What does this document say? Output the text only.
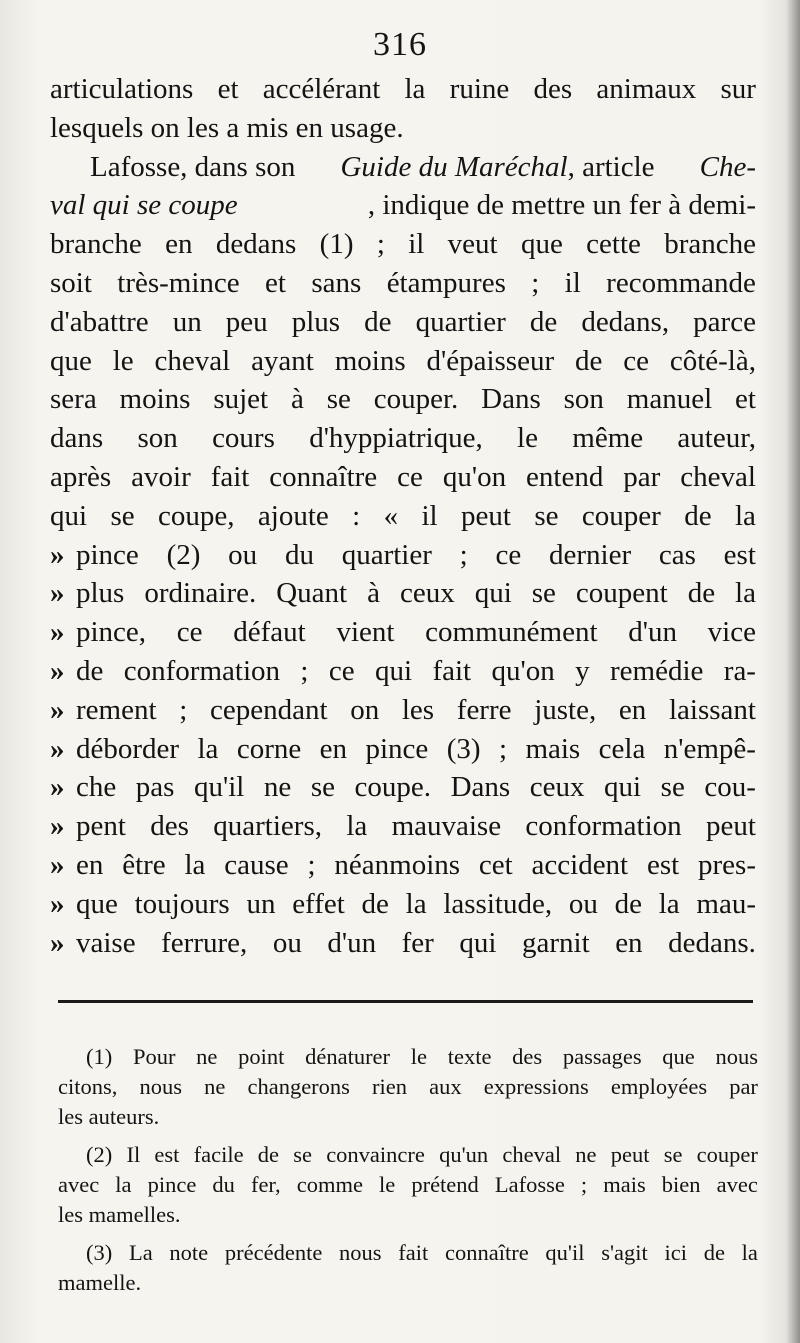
316
articulations et accélérant la ruine des animaux sur
lesquels on les a mis en usage.
Lafosse, dans son Guide du Maréchal, article Che-
val qui se coupe	, indique de mettre un fer à demi-
branche en dedans (1) ; il veut que cette branche
soit très-mince et sans étampures ; il recommande
d'abattre un peu plus de quartier de dedans, parce
que le cheval ayant moins d'épaisseur de ce côté-là,
sera moins sujet à se couper. Dans son manuel et
dans son cours d'hyppiatrique, le même auteur,
après avoir fait connaître ce qu'on entend par cheval
qui se coupe, ajoute : « il peut se couper de la
» pince (2) ou du quartier ; ce dernier cas est
» plus ordinaire. Quant à ceux qui se coupent de la
» pince, ce défaut vient communément d'un vice
» de conformation ; ce qui fait qu'on y remédie ra-
» rement ; cependant on les ferre juste, en laissant
» déborder la corne en pince (3) ; mais cela n'empê-
» che pas qu'il ne se coupe. Dans ceux qui se cou-
» pent des quartiers, la mauvaise conformation peut
» en être la cause ; néanmoins cet accident est pres-
» que toujours un effet de la lassitude, ou de la mau-
» vaise ferrure, ou d'un fer qui garnit en dedans.
(1) Pour ne point dénaturer le texte des passages que nous
citons, nous ne changerons rien aux expressions employées par
les auteurs.
(2) Il est facile de se convaincre qu'un cheval ne peut se couper
avec la pince du fer, comme le prétend Lafosse ; mais bien avec
les mamelles.
(3) La note précédente nous fait connaître qu'il s'agit ici de la
mamelle.
